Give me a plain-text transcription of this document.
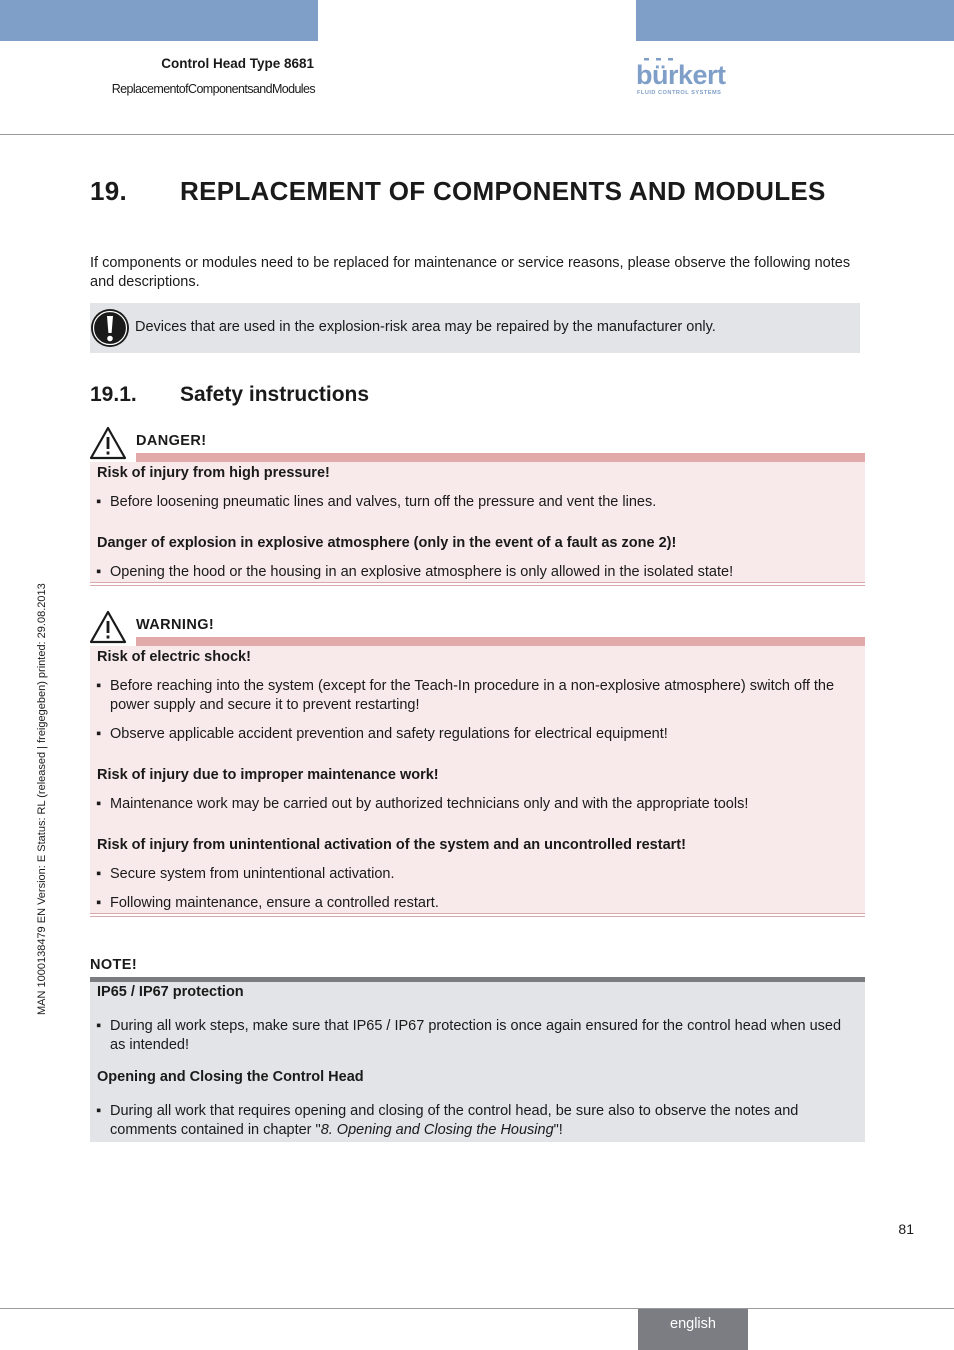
Control Head Type 8681
ReplacementofComponentsandModules	bürkert
FLUID CONTROL SYSTEMS
MAN 1000138479 EN Version: E Status: RL (released | freigegeben) printed: 29.08.2013
19. REPLACEMENT OF COMPONENTS AND MODULES
If components or modules need to be replaced for maintenance or service reasons, please observe the following notes and descriptions.
Devices that are used in the explosion-risk area may be repaired by the manufacturer only.
19.1. Safety instructions
DANGER!
Risk of injury from high pressure!
▪ Before loosening pneumatic lines and valves, turn off the pressure and vent the lines.
Danger of explosion in explosive atmosphere (only in the event of a fault as zone 2)!
▪ Opening the hood or the housing in an explosive atmosphere is only allowed in the isolated state!
WARNING!
Risk of electric shock!
▪ Before reaching into the system (except for the Teach-In procedure in a non-explosive atmosphere) switch off the power supply and secure it to prevent restarting!
▪ Observe applicable accident prevention and safety regulations for electrical equipment!
Risk of injury due to improper maintenance work!
▪ Maintenance work may be carried out by authorized technicians only and with the appropriate tools!
Risk of injury from unintentional activation of the system and an uncontrolled restart!
▪ Secure system from unintentional activation.
▪ Following maintenance, ensure a controlled restart.
NOTE!
IP65 / IP67 protection
▪ During all work steps, make sure that IP65 / IP67 protection is once again ensured for the control head when used as intended!
Opening and Closing the Control Head
▪ During all work that requires opening and closing of the control head, be sure also to observe the notes and comments contained in chapter "8. Opening and Closing the Housing"!
81
english
